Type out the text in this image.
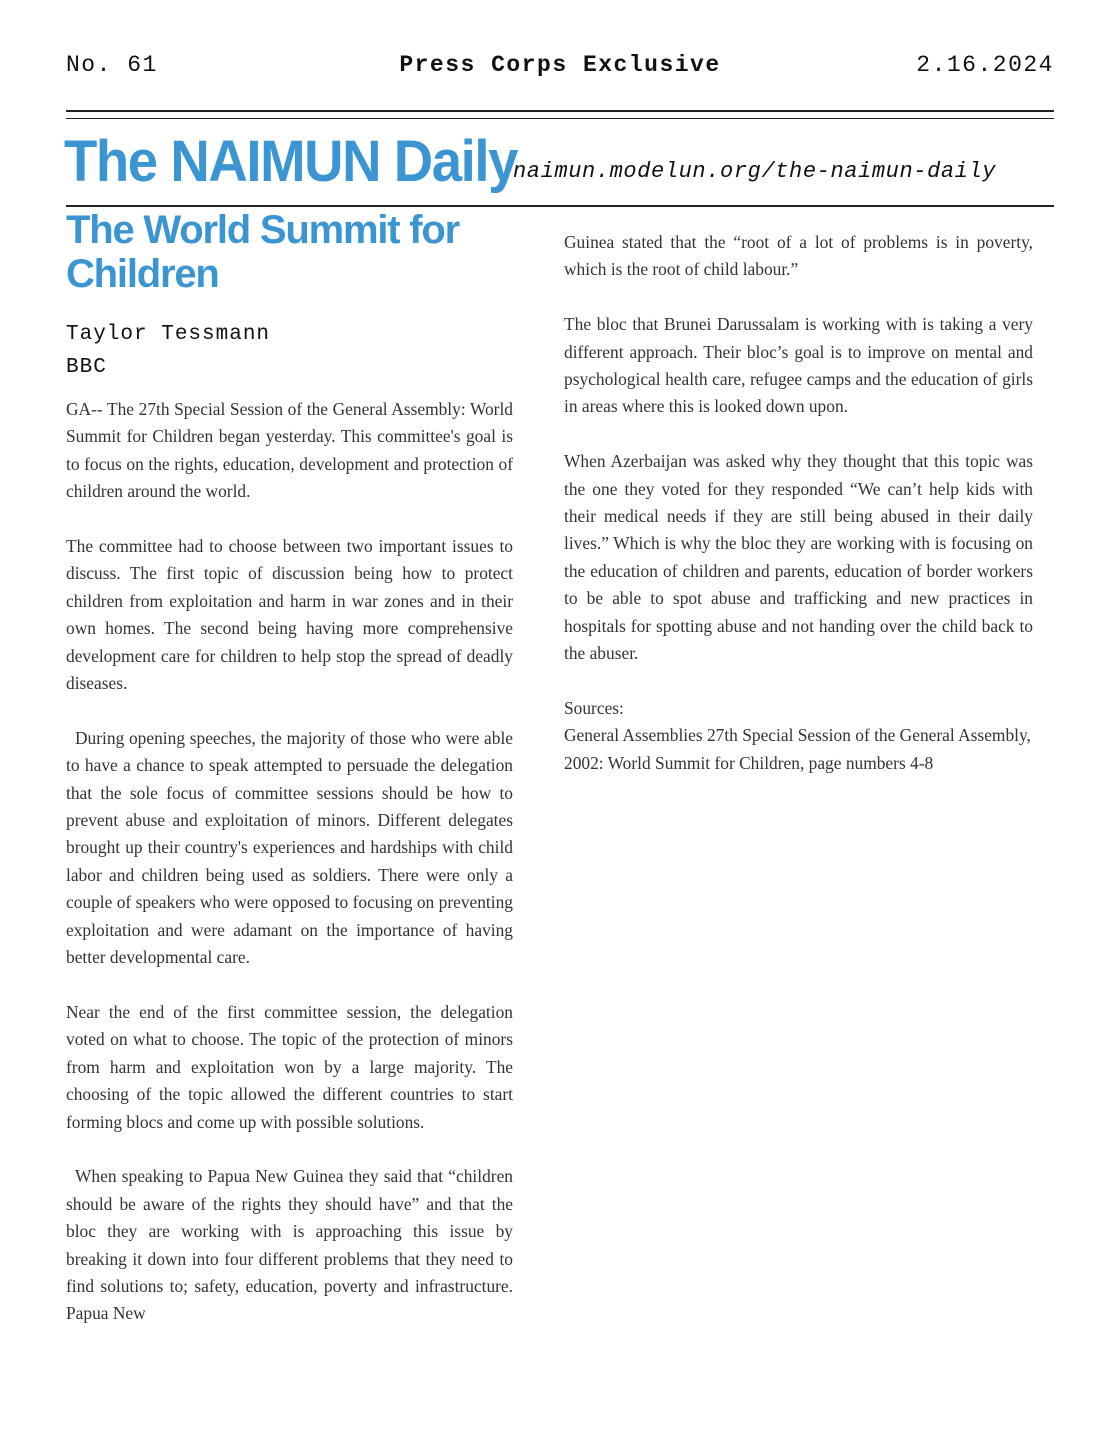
No. 61	Press Corps Exclusive	2.16.2024
The NAIMUN Daily
naimun.modelun.org/the-naimun-daily
The World Summit for Children
Taylor Tessmann
BBC

GA-- The 27th Special Session of the General Assembly: World Summit for Children began yesterday. This committee's goal is to focus on the rights, education, development and protection of children around the world.

The committee had to choose between two important issues to discuss. The first topic of discussion being how to protect children from exploitation and harm in war zones and in their own homes. The second being having more comprehensive development care for children to help stop the spread of deadly diseases.

During opening speeches, the majority of those who were able to have a chance to speak attempted to persuade the delegation that the sole focus of committee sessions should be how to prevent abuse and exploitation of minors. Different delegates brought up their country's experiences and hardships with child labor and children being used as soldiers. There were only a couple of speakers who were opposed to focusing on preventing exploitation and were adamant on the importance of having better developmental care.

Near the end of the first committee session, the delegation voted on what to choose. The topic of the protection of minors from harm and exploitation won by a large majority. The choosing of the topic allowed the different countries to start forming blocs and come up with possible solutions.

When speaking to Papua New Guinea they said that “children should be aware of the rights they should have” and that the bloc they are working with is approaching this issue by breaking it down into four different problems that they need to find solutions to; safety, education, poverty and infrastructure. Papua New

Guinea stated that the “root of a lot of problems is in poverty, which is the root of child labour.”

The bloc that Brunei Darussalam is working with is taking a very different approach. Their bloc’s goal is to improve on mental and psychological health care, refugee camps and the education of girls in areas where this is looked down upon.

When Azerbaijan was asked why they thought that this topic was the one they voted for they responded “We can’t help kids with their medical needs if they are still being abused in their daily lives.” Which is why the bloc they are working with is focusing on the education of children and parents, education of border workers to be able to spot abuse and trafficking and new practices in hospitals for spotting abuse and not handing over the child back to the abuser.

Sources:

General Assemblies 27th Special Session of the General Assembly, 2002: World Summit for Children, page numbers 4-8
